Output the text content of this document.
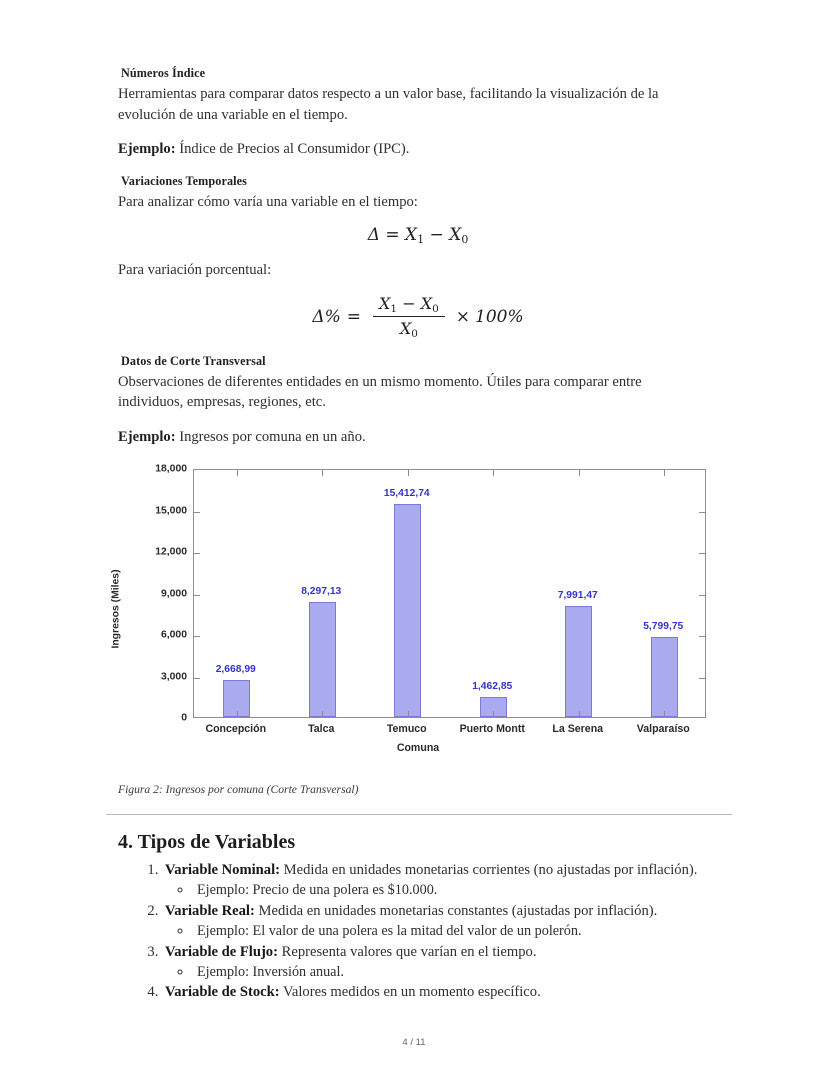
Números Índice

Herramientas para comparar datos respecto a un valor base, facilitando la visualización de la evolución de una variable en el tiempo.

Ejemplo: Índice de Precios al Consumidor (IPC).

Variaciones Temporales

Para analizar cómo varía una variable en el tiempo:

$\Delta = X_1 - X_0$

Para variación porcentual:

$\Delta\% = \frac{X1 - X0}{X0} \times 100\%$
Datos de Corte Transversal

Observaciones de diferentes entidades en un mismo momento. Útiles para comparar entre individuos, empresas, regiones, etc.

Ejemplo: Ingresos por comuna en un año.

Ingresos (Miles)
Comuna
0
3,000
6,000
9,000
12,000
15,000
18,000
2,668,99
Concepción
8,297,13
Talca
15,412,74
Temuco
1,462,85
Puerto Montt
7,991,47
La Serena
5,799,75
Valparaíso
Figura 2: Ingresos por comuna (Corte Transversal)
4. Tipos de Variables
1. Variable Nominal: Medida en unidades monetarias corrientes (no ajustadas por inflación).
◦ Ejemplo: Precio de una polera es $10.000.
2. Variable Real: Medida en unidades monetarias constantes (ajustadas por inflación).
◦ Ejemplo: El valor de una polera es la mitad del valor de un polerón.
3. Variable de Flujo: Representa valores que varían en el tiempo.
◦ Ejemplo: Inversión anual.
4. Variable de Stock: Valores medidos en un momento específico.
4 / 11
